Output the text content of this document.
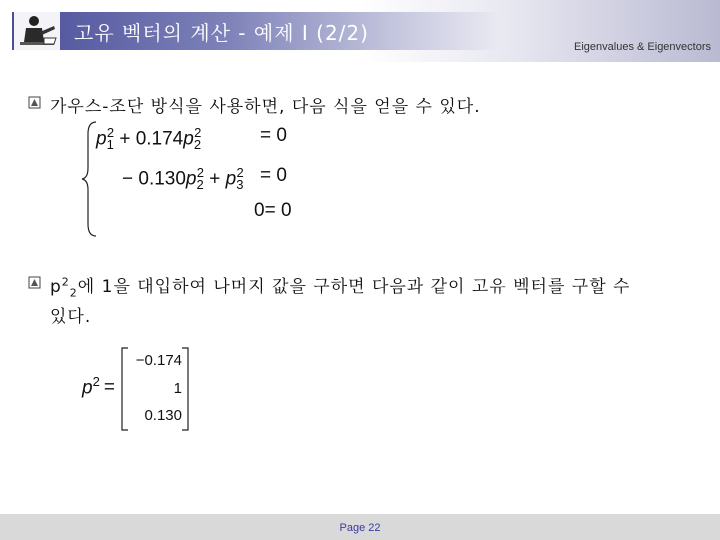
고유 벡터의 계산 - 예제 I (2/2)
Eigenvalues & Eigenvectors
가우스-조단 방식을 사용하면, 다음 식을 얻을 수 있다.
$p_1^2 + 0.174p_2^2$	= 0
− $0.130p_2^2 + p_3^2 = 0$
0= 0
$p^2_2$에 1을 대입하여 나머지 값을 구하면 다음과 같이 고유 벡터를 구할 수
있다.
$p^2$ =
−0.174
1
0.130
Page 22
